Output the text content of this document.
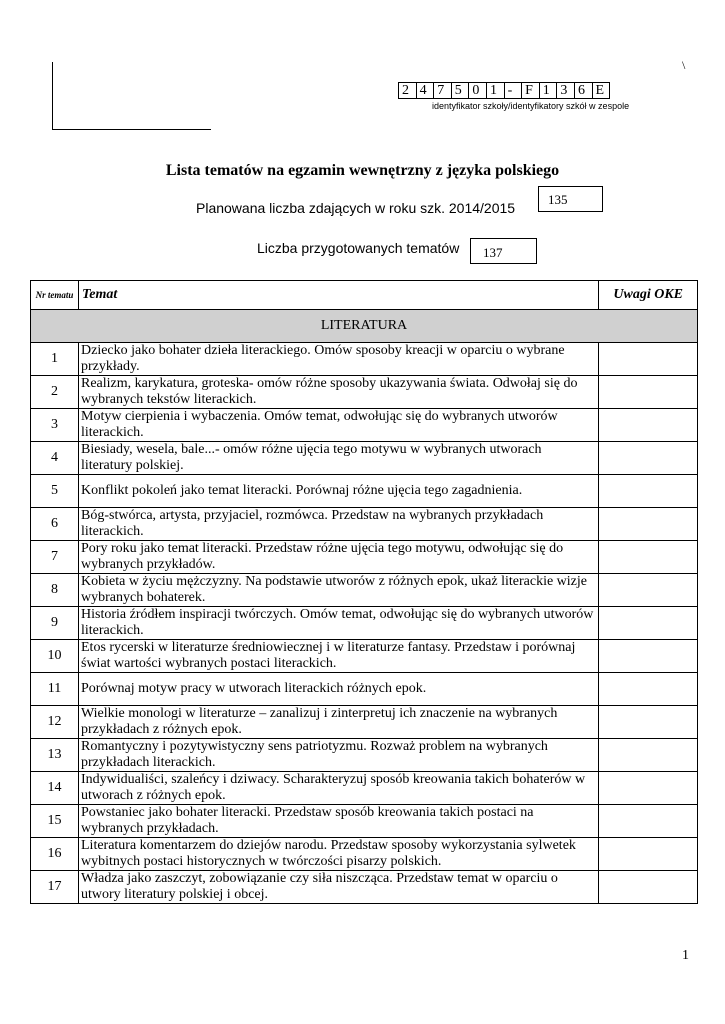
\
2 4 7 5 0 1 - F 1 3 6 E
identyfikator szkoły/identyfikatory szkół w zespole
Lista tematów na egzamin wewnętrzny z języka polskiego
Planowana liczba zdających w roku szk. 2014/2015
135
Liczba przygotowanych tematów	137
Nr tematu	Temat	Uwagi OKE
LITERATURA		
1	Dziecko jako bohater dzieła literackiego. Omów sposoby kreacji w oparciu o wybrane przykłady.	
2	Realizm, karykatura, groteska- omów różne sposoby ukazywania świata. Odwołaj się do wybranych tekstów literackich.	
3	Motyw cierpienia i wybaczenia. Omów temat, odwołując się do wybranych utworów literackich.	
4	Biesiady, wesela, bale...- omów różne ujęcia tego motywu w wybranych utworach literatury polskiej.	
5	Konflikt pokoleń jako temat literacki. Porównaj różne ujęcia tego zagadnienia.	
6	Bóg-stwórca, artysta, przyjaciel, rozmówca. Przedstaw na wybranych przykładach literackich.	
7	Pory roku jako temat literacki. Przedstaw różne ujęcia tego motywu, odwołując się do wybranych przykładów.	
8	Kobieta w życiu mężczyzny. Na podstawie utworów z różnych epok, ukaż literackie wizje wybranych bohaterek.	
9	Historia źródłem inspiracji twórczych. Omów temat, odwołując się do wybranych utworów literackich.	
10	Etos rycerski w literaturze średniowiecznej i w literaturze fantasy. Przedstaw i porównaj świat wartości wybranych postaci literackich.	
11	Porównaj motyw pracy w utworach literackich różnych epok.	
12	Wielkie monologi w literaturze – zanalizuj i zinterpretuj ich znaczenie na wybranych przykładach z różnych epok.	
13	Romantyczny i pozytywistyczny sens patriotyzmu. Rozważ problem na wybranych przykładach literackich.	
14	Indywidualiści, szaleńcy i dziwacy. Scharakteryzuj sposób kreowania takich bohaterów w utworach z różnych epok.	
15	Powstaniec jako bohater literacki. Przedstaw sposób kreowania takich postaci na wybranych przykładach.	
16	Literatura komentarzem do dziejów narodu. Przedstaw sposoby wykorzystania sylwetek wybitnych postaci historycznych w twórczości pisarzy polskich.	
17	Władza jako zaszczyt, zobowiązanie czy siła niszcząca. Przedstaw temat w oparciu o utwory literatury polskiej i obcej.	
1
